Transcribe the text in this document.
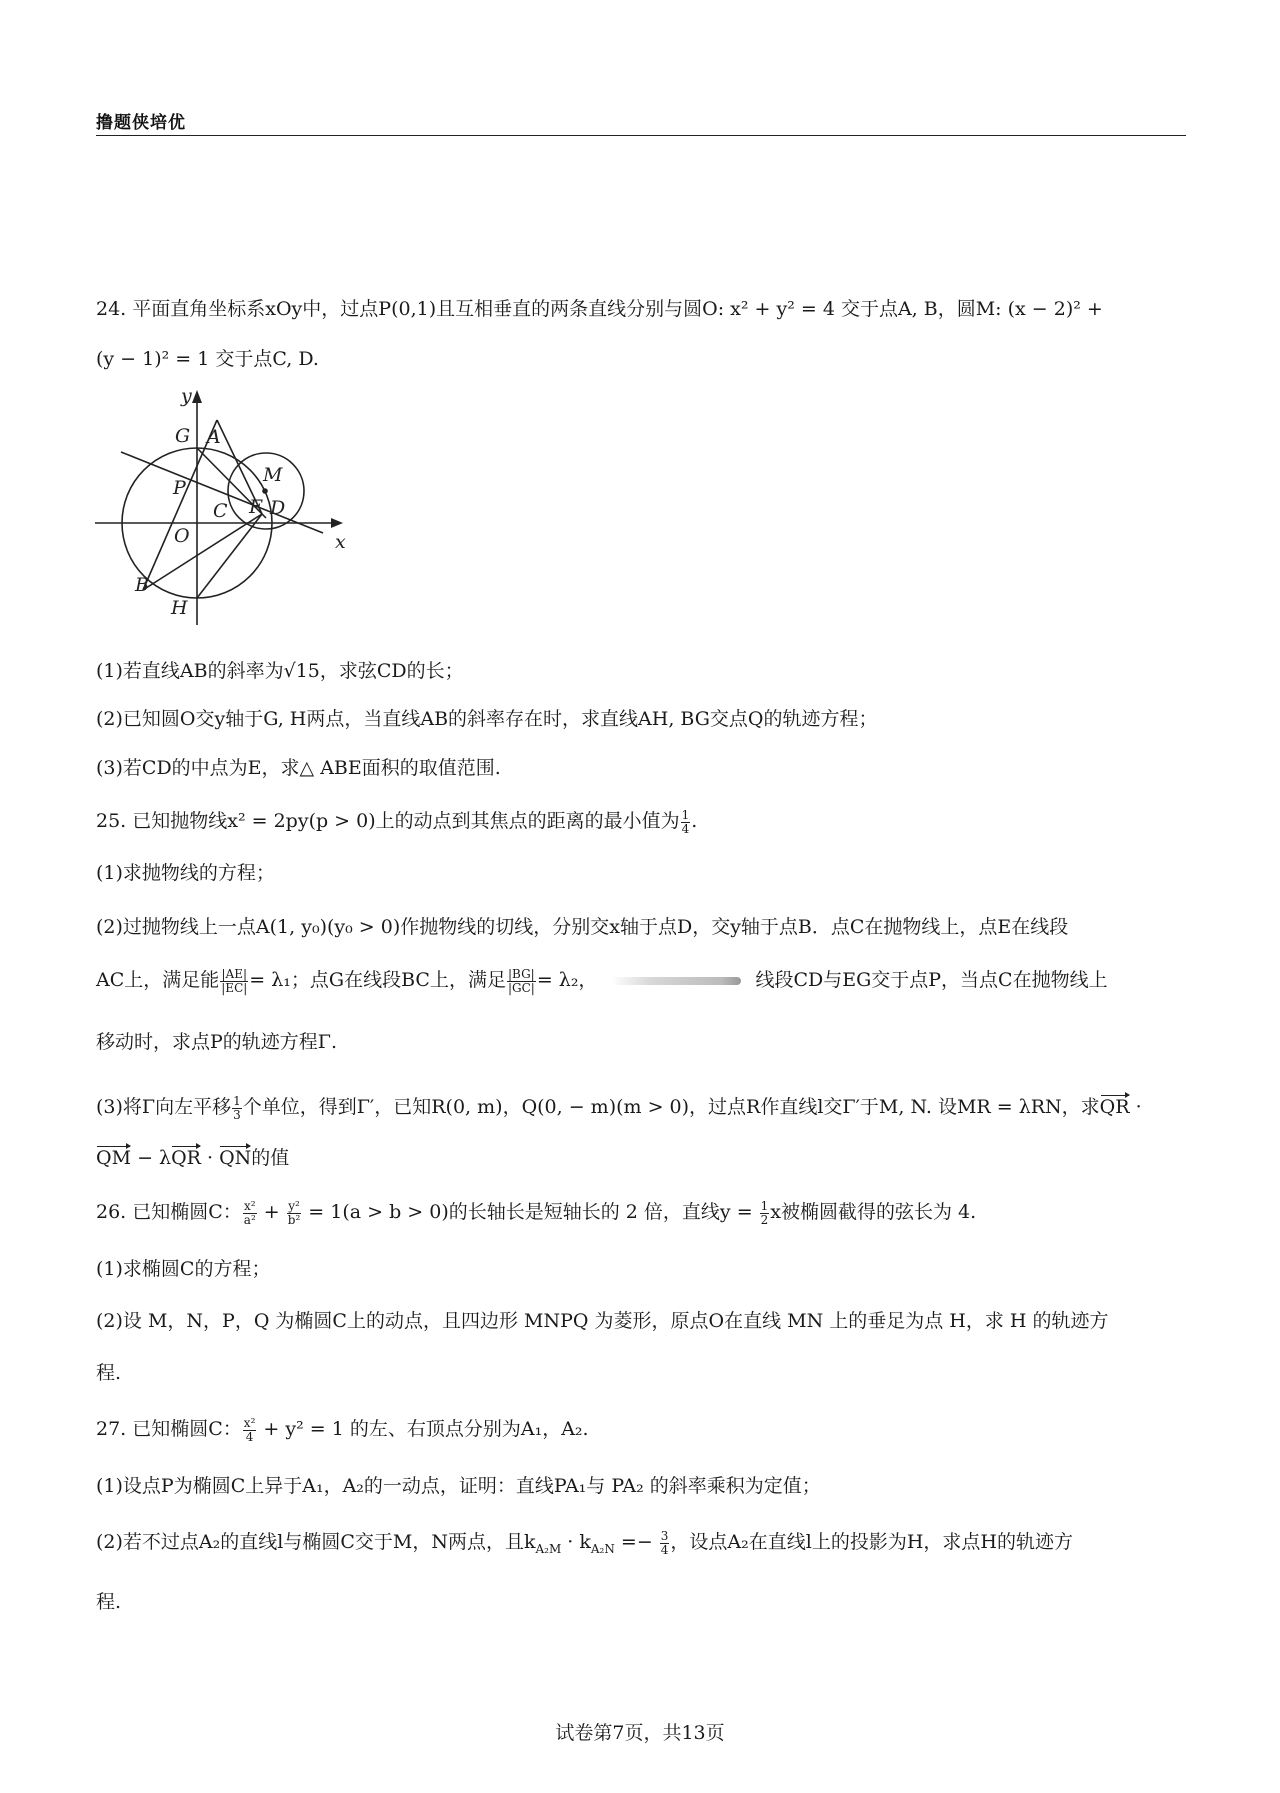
撸题侠培优
24. 平面直角坐标系xOy中，过点P(0,1)且互相垂直的两条直线分别与圆O: x² + y² = 4 交于点A, B，圆M: (x − 2)² +
(y − 1)² = 1 交于点C, D.
y
x
G A
M
P
C F D
O
B
H
(1)若直线AB的斜率为√15，求弦CD的长；
(2)已知圆O交y轴于G, H两点，当直线AB的斜率存在时，求直线AH, BG交点Q的轨迹方程；
(3)若CD的中点为E，求△ ABE面积的取值范围.
25. 已知抛物线x² = 2py(p > 0)上的动点到其焦点的距离的最小值为 $\frac{1}{4}$ .
(1)求抛物线的方程；
(2)过抛物线上一点A(1, y₀)(y₀ > 0)作抛物线的切线，分别交x轴于点D，交y轴于点B．点C在抛物线上，点E在线段
AC上，满足能 $\frac{|AE|}{|EC|} = \lambda_1$；点G在线段BC上，满足 $\frac{|BG|}{|GC|} = \lambda_2$，	线段CD与EG交于点P，当点C在抛物线上
移动时，求点P的轨迹方程Γ.
(3)将Γ向左平移 $\frac{1}{3}$ 个单位，得到Γ′，已知R(0, m)，Q(0, − m)(m > 0)，过点R作直线l交Γ′于M, N. 设MR = λRN，求QR ·
QM − λQR · QN的值
26. 已知椭圆C： $\frac{\text{x²}}{\text{a²}} + \frac{\text{y²}}{\text{b²}} = 1(a > b > 0)$的长轴长是短轴长的 2 倍，直线$y = \frac{1}{2}$ x被椭圆截得的弦长为 4.
(1)求椭圆C的方程；
(2)设 M，N，P，Q 为椭圆C上的动点，且四边形 MNPQ 为菱形，原点O在直线 MN 上的垂足为点 H，求 H 的轨迹方
程.
27. 已知椭圆C： $\frac{\text{x²}}{4} + y^2 = 1$ 的左、右顶点分别为A₁，A₂.
(1)设点P为椭圆C上异于A₁，A₂的一动点，证明：直线PA₁与 PA₂ 的斜率乘积为定值；
(2)若不过点A₂的直线l与椭圆C交于M，N两点，且$k_{A_2M} \cdot k_{A_2N} =- \frac{3}{4}$ ，设点A₂在直线l上的投影为H，求点H的轨迹方
程.
试卷第7页，共13页
